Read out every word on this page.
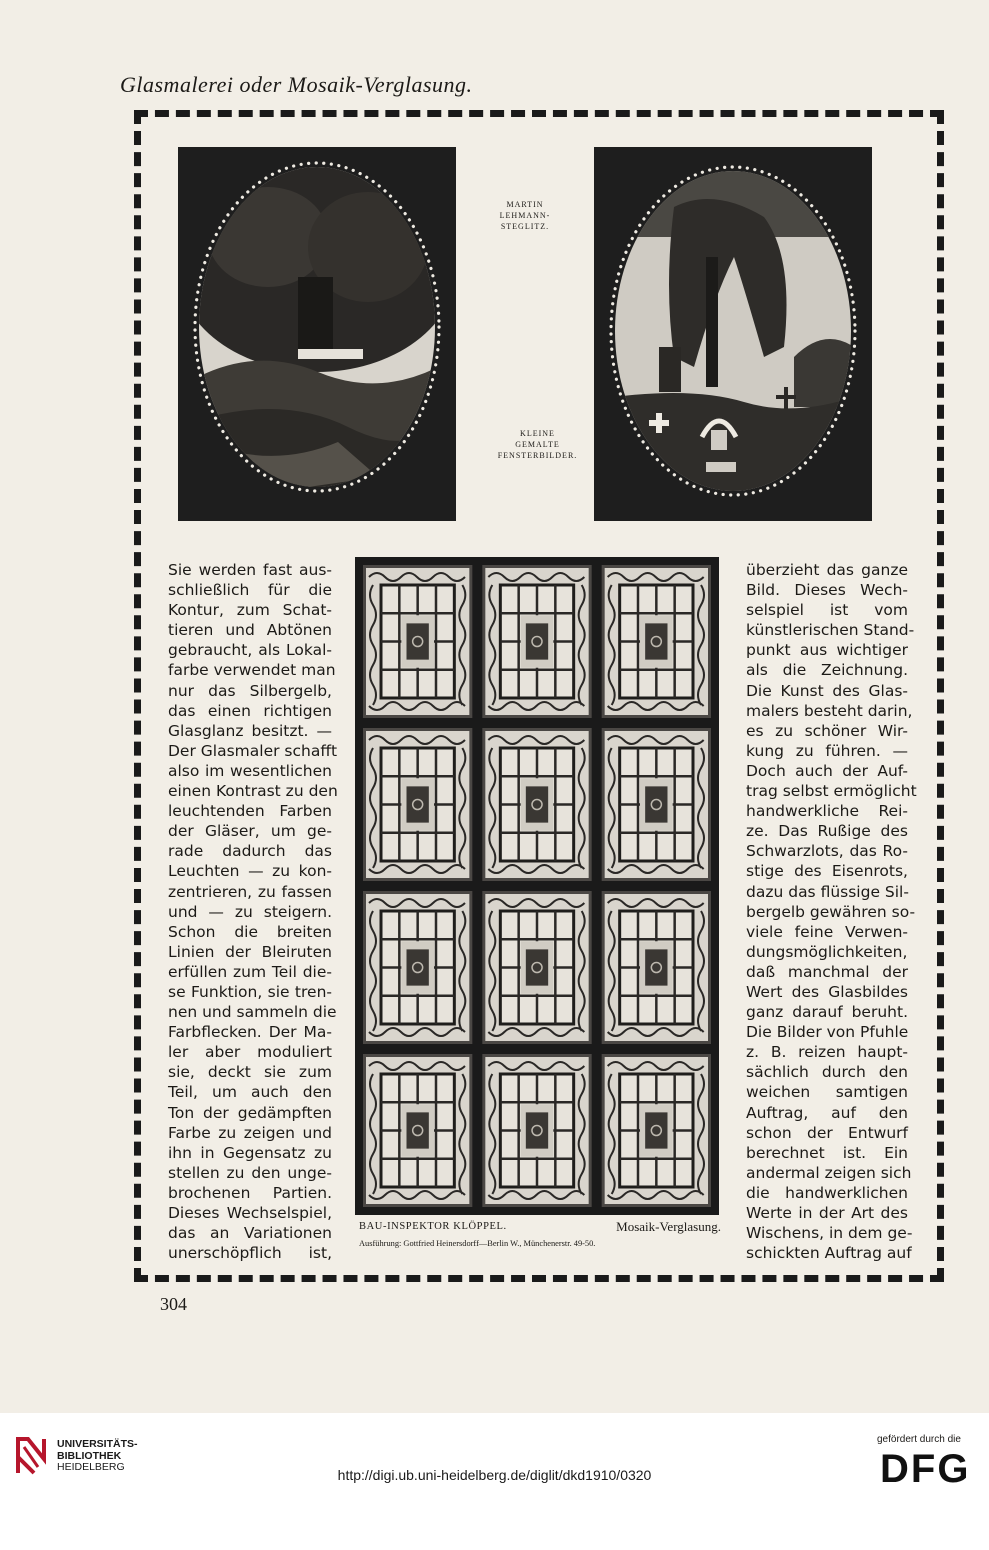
Glasmalerei oder Mosaik-Verglasung.
MARTIN
LEHMANN-
STEGLITZ.
KLEINE
GEMALTE
FENSTERBILDER.
Sie werden fast aus-
schließlich für die
Kontur, zum Schat-
tieren und Abtönen
gebraucht, als Lokal-
farbe verwendet man
nur das Silbergelb,
das einen richtigen
Glasglanz besitzt. —
Der Glasmaler schafft
also im wesentlichen
einen Kontrast zu den
leuchtenden Farben
der Gläser, um ge-
rade dadurch das
Leuchten — zu kon-
zentrieren, zu fassen
und — zu steigern.
Schon die breiten
Linien der Bleiruten
erfüllen zum Teil die-
se Funktion, sie tren-
nen und sammeln die
Farbflecken. Der Ma-
ler aber moduliert
sie, deckt sie zum
Teil, um auch den
Ton der gedämpften
Farbe zu zeigen und
ihn in Gegensatz zu
stellen zu den unge-
brochenen Partien.
Dieses Wechselspiel,
das an Variationen
unerschöpflich ist,
überzieht das ganze
Bild. Dieses Wech-
selspiel ist vom
künstlerischen Stand-
punkt aus wichtiger
als die Zeichnung.
Die Kunst des Glas-
malers besteht darin,
es zu schöner Wir-
kung zu führen. —
Doch auch der Auf-
trag selbst ermöglicht
handwerkliche Rei-
ze. Das Rußige des
Schwarzlots, das Ro-
stige des Eisenrots,
dazu das flüssige Sil-
bergelb gewähren so-
viele feine Verwen-
dungsmöglichkeiten,
daß manchmal der
Wert des Glasbildes
ganz darauf beruht.
Die Bilder von Pfuhle
z. B. reizen haupt-
sächlich durch den
weichen samtigen
Auftrag, auf den
schon der Entwurf
berechnet ist. Ein
andermal zeigen sich
die handwerklichen
Werte in der Art des
Wischens, in dem ge-
schickten Auftrag auf
BAU-INSPEKTOR KLÖPPEL.	Mosaik-Verglasung.
Ausführung: Gottfried Heinersdorff—Berlin W., Münchenerstr. 49-50.
304
UNIVERSITÄTS-
BIBLIOTHEK
HEIDELBERG	http://digi.ub.uni-heidelberg.de/diglit/dkd1910/0320
gefördert durch die
DFG
